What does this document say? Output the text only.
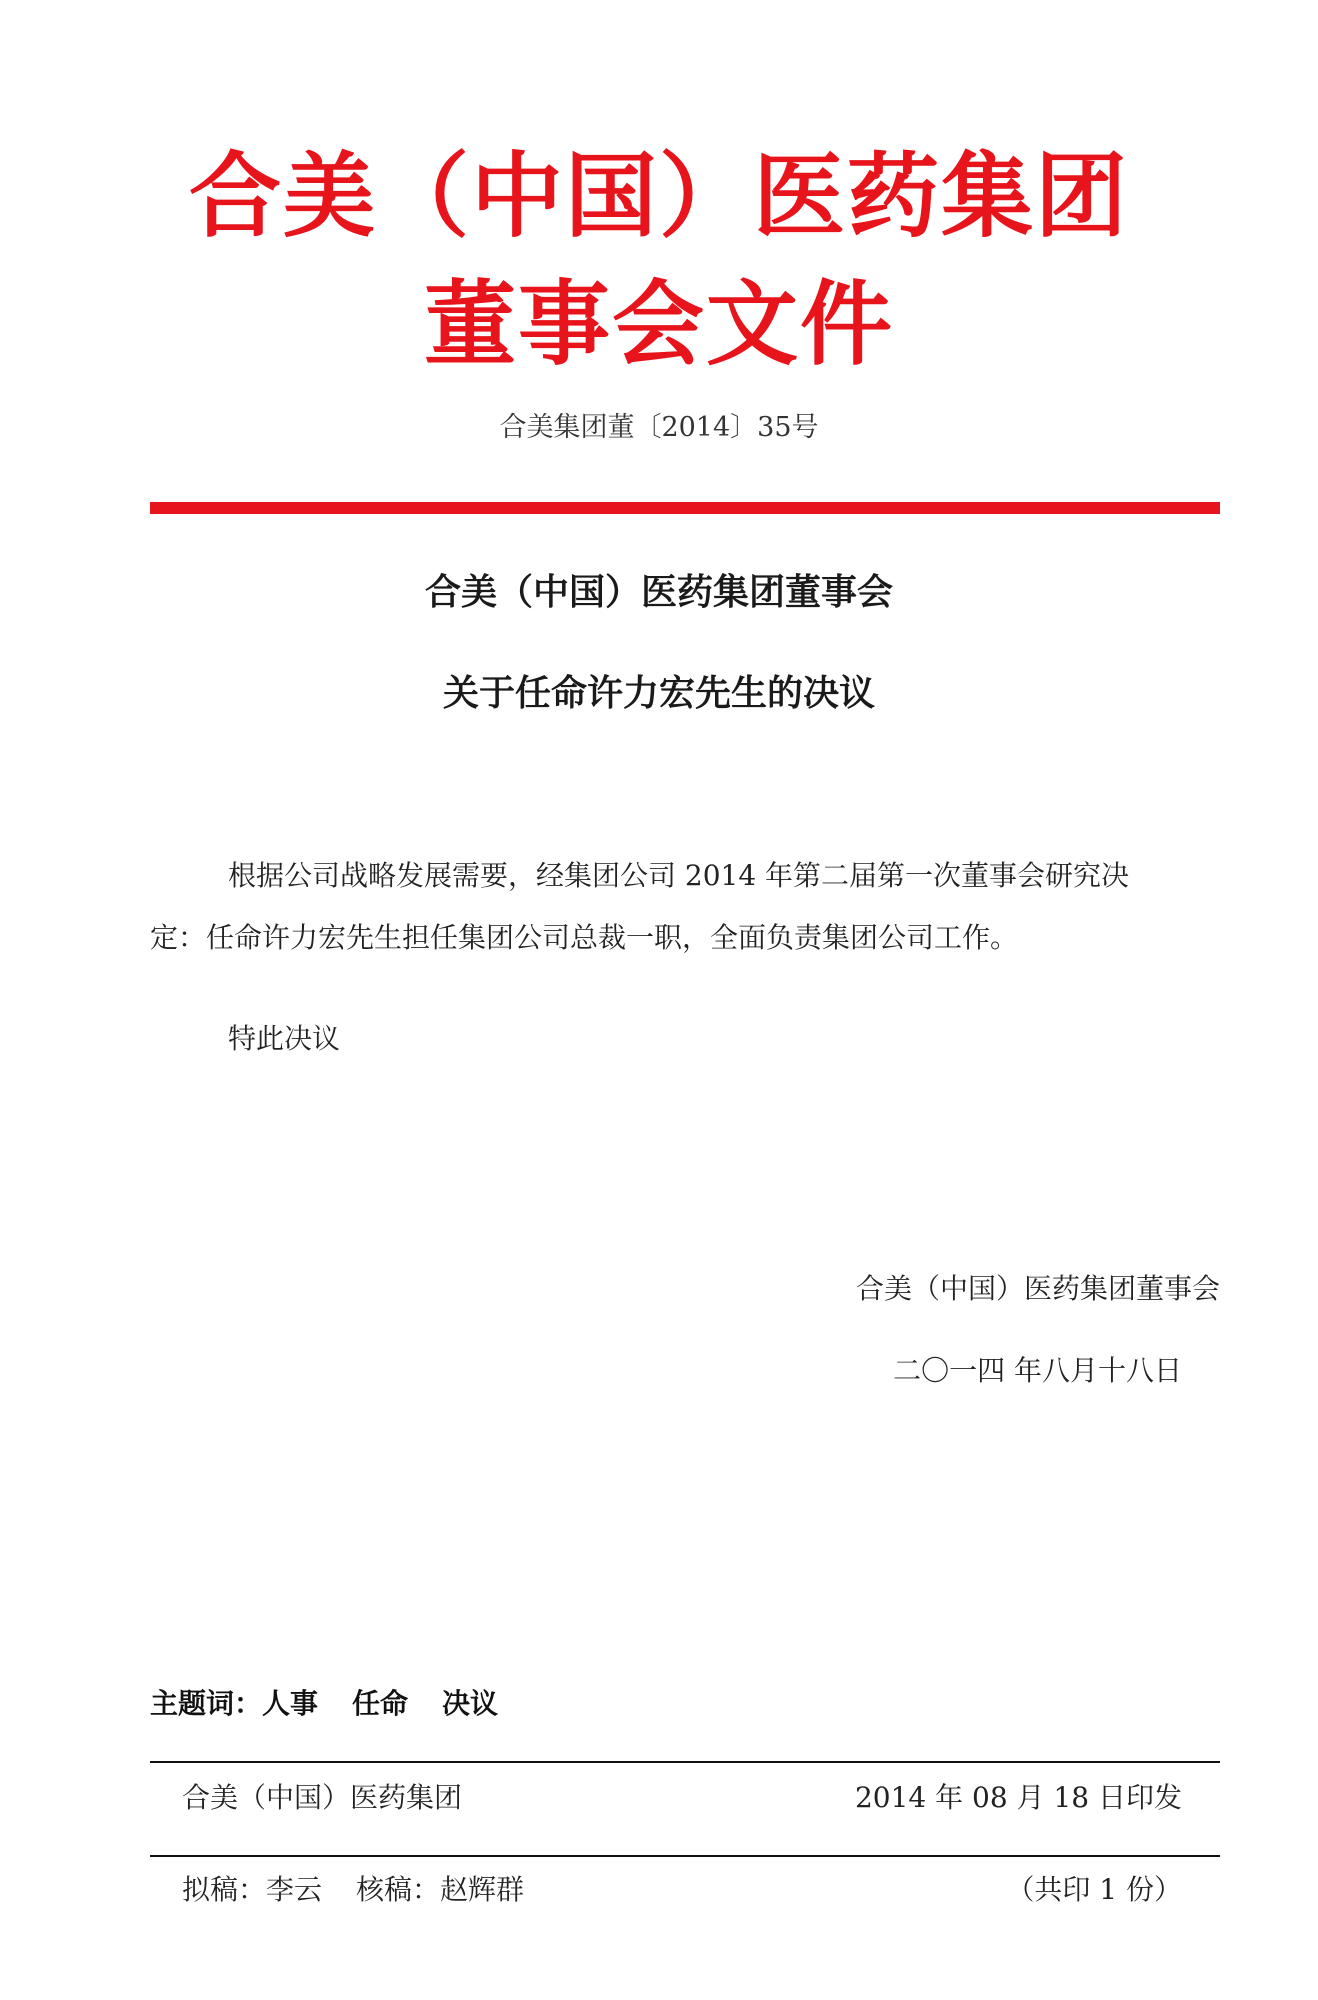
合美（中国）医药集团
董事会文件
合美集团董〔2014〕35号
合美（中国）医药集团董事会
关于任命许力宏先生的决议
根据公司战略发展需要，经集团公司 2014 年第二届第一次董事会研究决
定：任命许力宏先生担任集团公司总裁一职，全面负责集团公司工作。
特此决议
合美（中国）医药集团董事会
二〇一四 年八月十八日
主题词：人事 任命 决议
合美（中国）医药集团	2014 年 08 月 18 日印发
拟稿：李云 核稿：赵辉群	（共印 1 份）
